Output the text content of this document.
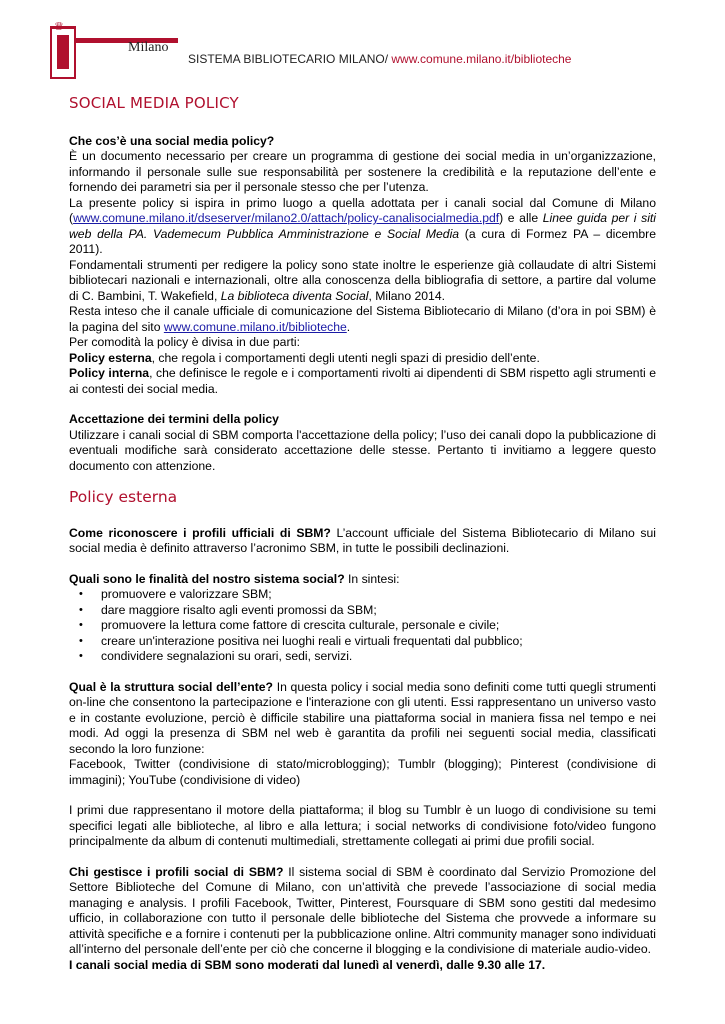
♛
Milano
SISTEMA BIBLIOTECARIO MILANO/ www.comune.milano.it/biblioteche
SOCIAL MEDIA POLICY

Che cos’è una social media policy?

È un documento necessario per creare un programma di gestione dei social media in un’organizzazione, informando il personale sulle sue responsabilità per sostenere la credibilità e la reputazione dell’ente e fornendo dei parametri sia per il personale stesso che per l’utenza.

La presente policy si ispira in primo luogo a quella adottata per i canali social dal Comune di Milano (www.comune.milano.it/dseserver/milano2.0/attach/policy-canalisocialmedia.pdf) e alle Linee guida per i siti web della PA. Vademecum Pubblica Amministrazione e Social Media (a cura di Formez PA – dicembre 2011).

Fondamentali strumenti per redigere la policy sono state inoltre le esperienze già collaudate di altri Sistemi bibliotecari nazionali e internazionali, oltre alla conoscenza della bibliografia di settore, a partire dal volume di C. Bambini, T. Wakefield, La biblioteca diventa Social, Milano 2014.

Resta inteso che il canale ufficiale di comunicazione del Sistema Bibliotecario di Milano (d’ora in poi SBM) è la pagina del sito www.comune.milano.it/biblioteche.

Per comodità la policy è divisa in due parti:

Policy esterna, che regola i comportamenti degli utenti negli spazi di presidio dell’ente.

Policy interna, che definisce le regole e i comportamenti rivolti ai dipendenti di SBM rispetto agli strumenti e ai contesti dei social media.

Accettazione dei termini della policy

Utilizzare i canali social di SBM comporta l'accettazione della policy; l’uso dei canali dopo la pubblicazione di eventuali modifiche sarà considerato accettazione delle stesse. Pertanto ti invitiamo a leggere questo documento con attenzione.

Policy esterna

Come riconoscere i profili ufficiali di SBM? L’account ufficiale del Sistema Bibliotecario di Milano sui social media è definito attraverso l’acronimo SBM, in tutte le possibili declinazioni.

Quali sono le finalità del nostro sistema social? In sintesi:

• promuovere e valorizzare SBM;
• dare maggiore risalto agli eventi promossi da SBM;
• promuovere la lettura come fattore di crescita culturale, personale e civile;
• creare un'interazione positiva nei luoghi reali e virtuali frequentati dal pubblico;
• condividere segnalazioni su orari, sedi, servizi.

Qual è la struttura social dell’ente? In questa policy i social media sono definiti come tutti quegli strumenti on-line che consentono la partecipazione e l'interazione con gli utenti. Essi rappresentano un universo vasto e in costante evoluzione, perciò è difficile stabilire una piattaforma social in maniera fissa nel tempo e nei modi. Ad oggi la presenza di SBM nel web è garantita da profili nei seguenti social media, classificati secondo la loro funzione:

Facebook, Twitter (condivisione di stato/microblogging); Tumblr (blogging); Pinterest (condivisione di immagini); YouTube (condivisione di video)

I primi due rappresentano il motore della piattaforma; il blog su Tumblr è un luogo di condivisione su temi specifici legati alle biblioteche, al libro e alla lettura; i social networks di condivisione foto/video fungono principalmente da album di contenuti multimediali, strettamente collegati ai primi due profili social.

Chi gestisce i profili social di SBM? Il sistema social di SBM è coordinato dal Servizio Promozione del Settore Biblioteche del Comune di Milano, con un’attività che prevede l’associazione di social media managing e analysis. I profili Facebook, Twitter, Pinterest, Foursquare di SBM sono gestiti dal medesimo ufficio, in collaborazione con tutto il personale delle biblioteche del Sistema che provvede a informare su attività specifiche e a fornire i contenuti per la pubblicazione online. Altri community manager sono individuati all’interno del personale dell’ente per ciò che concerne il blogging e la condivisione di materiale audio-video.

I canali social media di SBM sono moderati dal lunedì al venerdì, dalle 9.30 alle 17.
